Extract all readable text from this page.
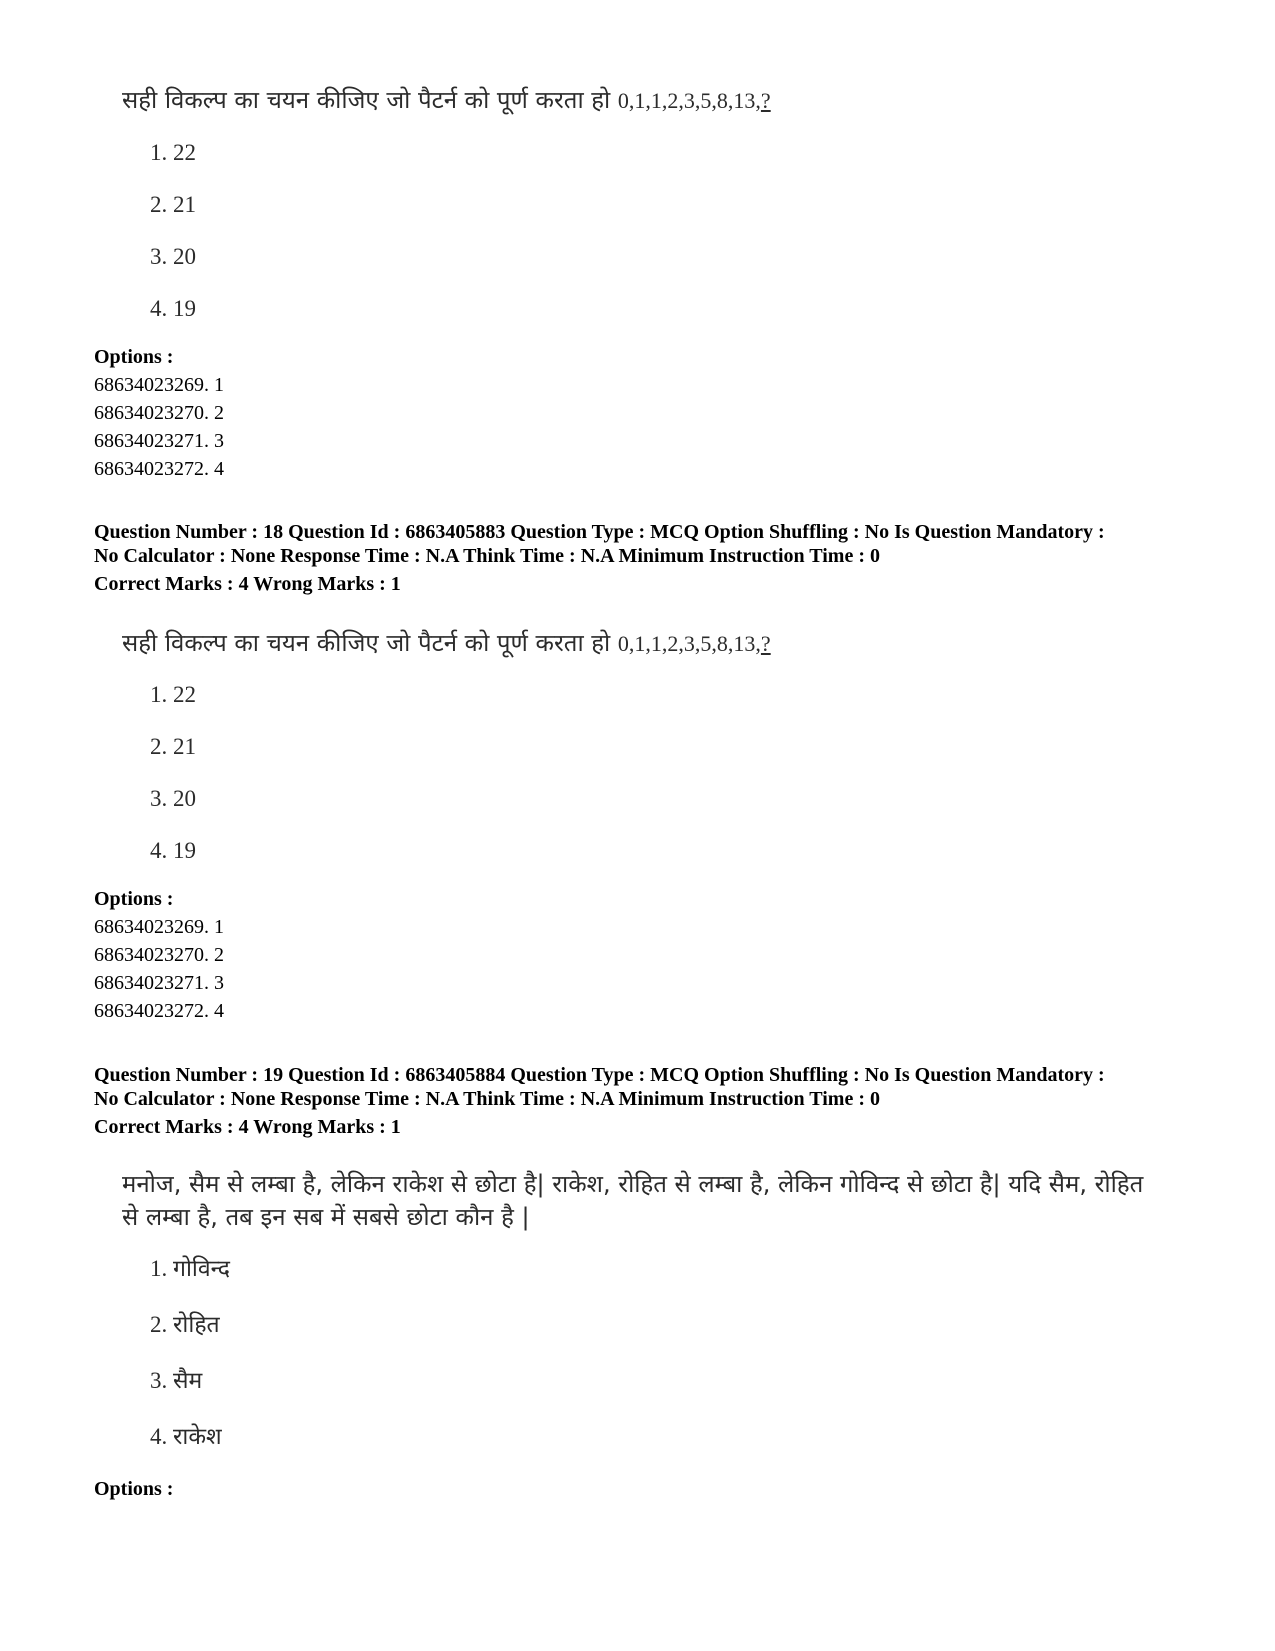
सही विकल्प का चयन कीजिए जो पैटर्न को पूर्ण करता हो 0,1,1,2,3,5,8,13,?
1. 22
2. 21
3. 20
4. 19
Options :
68634023269. 1
68634023270. 2
68634023271. 3
68634023272. 4
Question Number : 18 Question Id : 6863405883 Question Type : MCQ Option Shuffling : No Is Question Mandatory :
No Calculator : None Response Time : N.A Think Time : N.A Minimum Instruction Time : 0
Correct Marks : 4 Wrong Marks : 1
सही विकल्प का चयन कीजिए जो पैटर्न को पूर्ण करता हो 0,1,1,2,3,5,8,13,?
1. 22
2. 21
3. 20
4. 19
Options :
68634023269. 1
68634023270. 2
68634023271. 3
68634023272. 4
Question Number : 19 Question Id : 6863405884 Question Type : MCQ Option Shuffling : No Is Question Mandatory :
No Calculator : None Response Time : N.A Think Time : N.A Minimum Instruction Time : 0
Correct Marks : 4 Wrong Marks : 1
मनोज, सैम से लम्बा है, लेकिन राकेश से छोटा है| राकेश, रोहित से लम्बा है, लेकिन गोविन्द से छोटा है| यदि सैम, रोहित
से लम्बा है, तब इन सब में सबसे छोटा कौन है |
1. गोविन्द
2. रोहित
3. सैम
4. राकेश
Options :
